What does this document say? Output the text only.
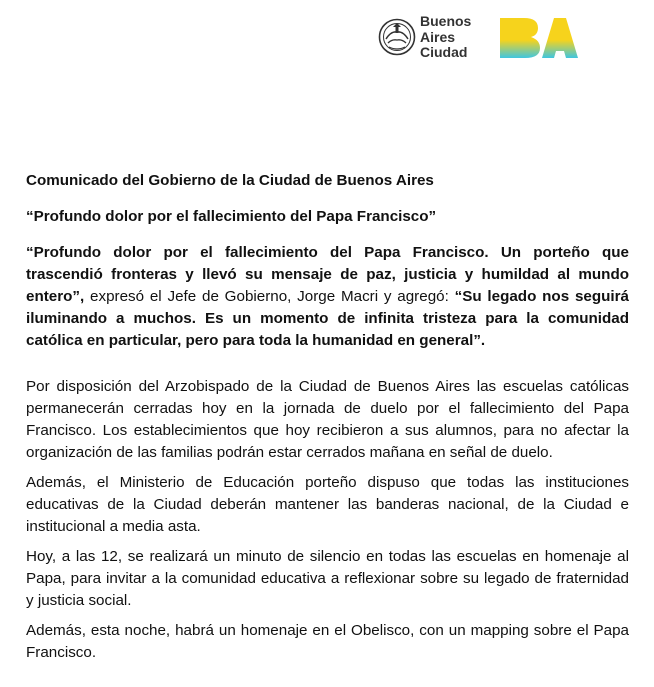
Buenos
Aires
Ciudad

Comunicado del Gobierno de la Ciudad de Buenos Aires

“Profundo dolor por el fallecimiento del Papa Francisco”

“Profundo dolor por el fallecimiento del Papa Francisco. Un porteño que trascendió fronteras y llevó su mensaje de paz, justicia y humildad al mundo entero”, expresó el Jefe de Gobierno, Jorge Macri y agregó: “Su legado nos seguirá iluminando a muchos. Es un momento de infinita tristeza para la comunidad católica en particular, pero para toda la humanidad en general”.

Por disposición del Arzobispado de la Ciudad de Buenos Aires las escuelas católicas permanecerán cerradas hoy en la jornada de duelo por el fallecimiento del Papa Francisco. Los establecimientos que hoy recibieron a sus alumnos, para no afectar la organización de las familias podrán estar cerrados mañana en señal de duelo.

Además, el Ministerio de Educación porteño dispuso que todas las instituciones educativas de la Ciudad deberán mantener las banderas nacional, de la Ciudad e institucional a media asta.

Hoy, a las 12, se realizará un minuto de silencio en todas las escuelas en homenaje al Papa, para invitar a la comunidad educativa a reflexionar sobre su legado de fraternidad y justicia social.

Además, esta noche, habrá un homenaje en el Obelisco, con un mapping sobre el Papa Francisco.
